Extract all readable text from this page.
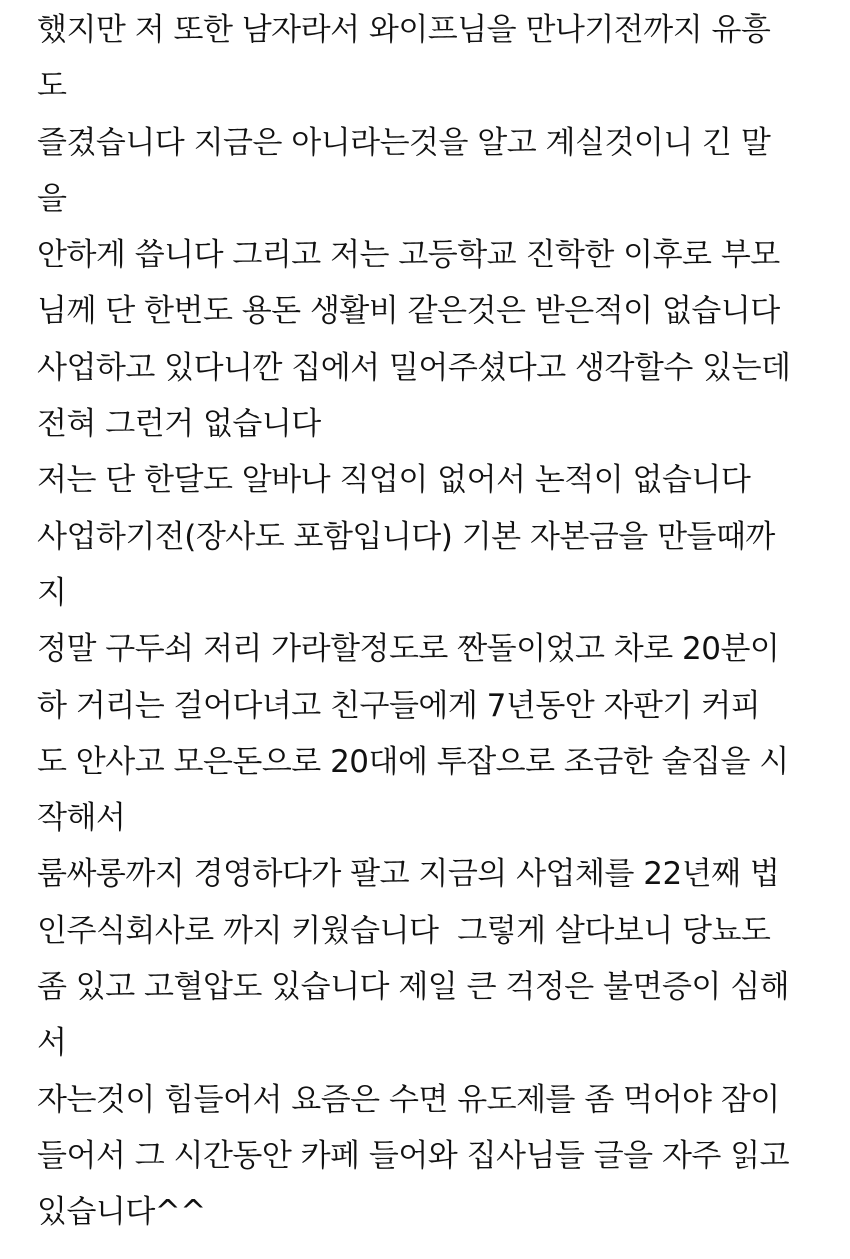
했지만 저 또한 남자라서 와이프님을 만나기전까지 유흥
도
즐겼습니다 지금은 아니라는것을 알고 계실것이니 긴 말
을
안하게 씁니다 그리고 저는 고등학교 진학한 이후로 부모
님께 단 한번도 용돈 생활비 같은것은 받은적이 없습니다
사업하고 있다니깐 집에서 밀어주셨다고 생각할수 있는데
전혀 그런거 없습니다
저는 단 한달도 알바나 직업이 없어서 논적이 없습니다
사업하기전(장사도 포함입니다) 기본 자본금을 만들때까
지
정말 구두쇠 저리 가라할정도로 짠돌이었고 차로 20분이
하 거리는 걸어다녀고 친구들에게 7년동안 자판기 커피
도 안사고 모은돈으로 20대에 투잡으로 조금한 술집을 시
작해서
룸싸롱까지 경영하다가 팔고 지금의 사업체를 22년째 법
인주식회사로 까지 키웠습니다  그렇게 살다보니 당뇨도
좀 있고 고혈압도 있습니다 제일 큰 걱정은 불면증이 심해
서
자는것이 힘들어서 요즘은 수면 유도제를 좀 먹어야 잠이
들어서 그 시간동안 카페 들어와 집사님들 글을 자주 읽고
있습니다^^
